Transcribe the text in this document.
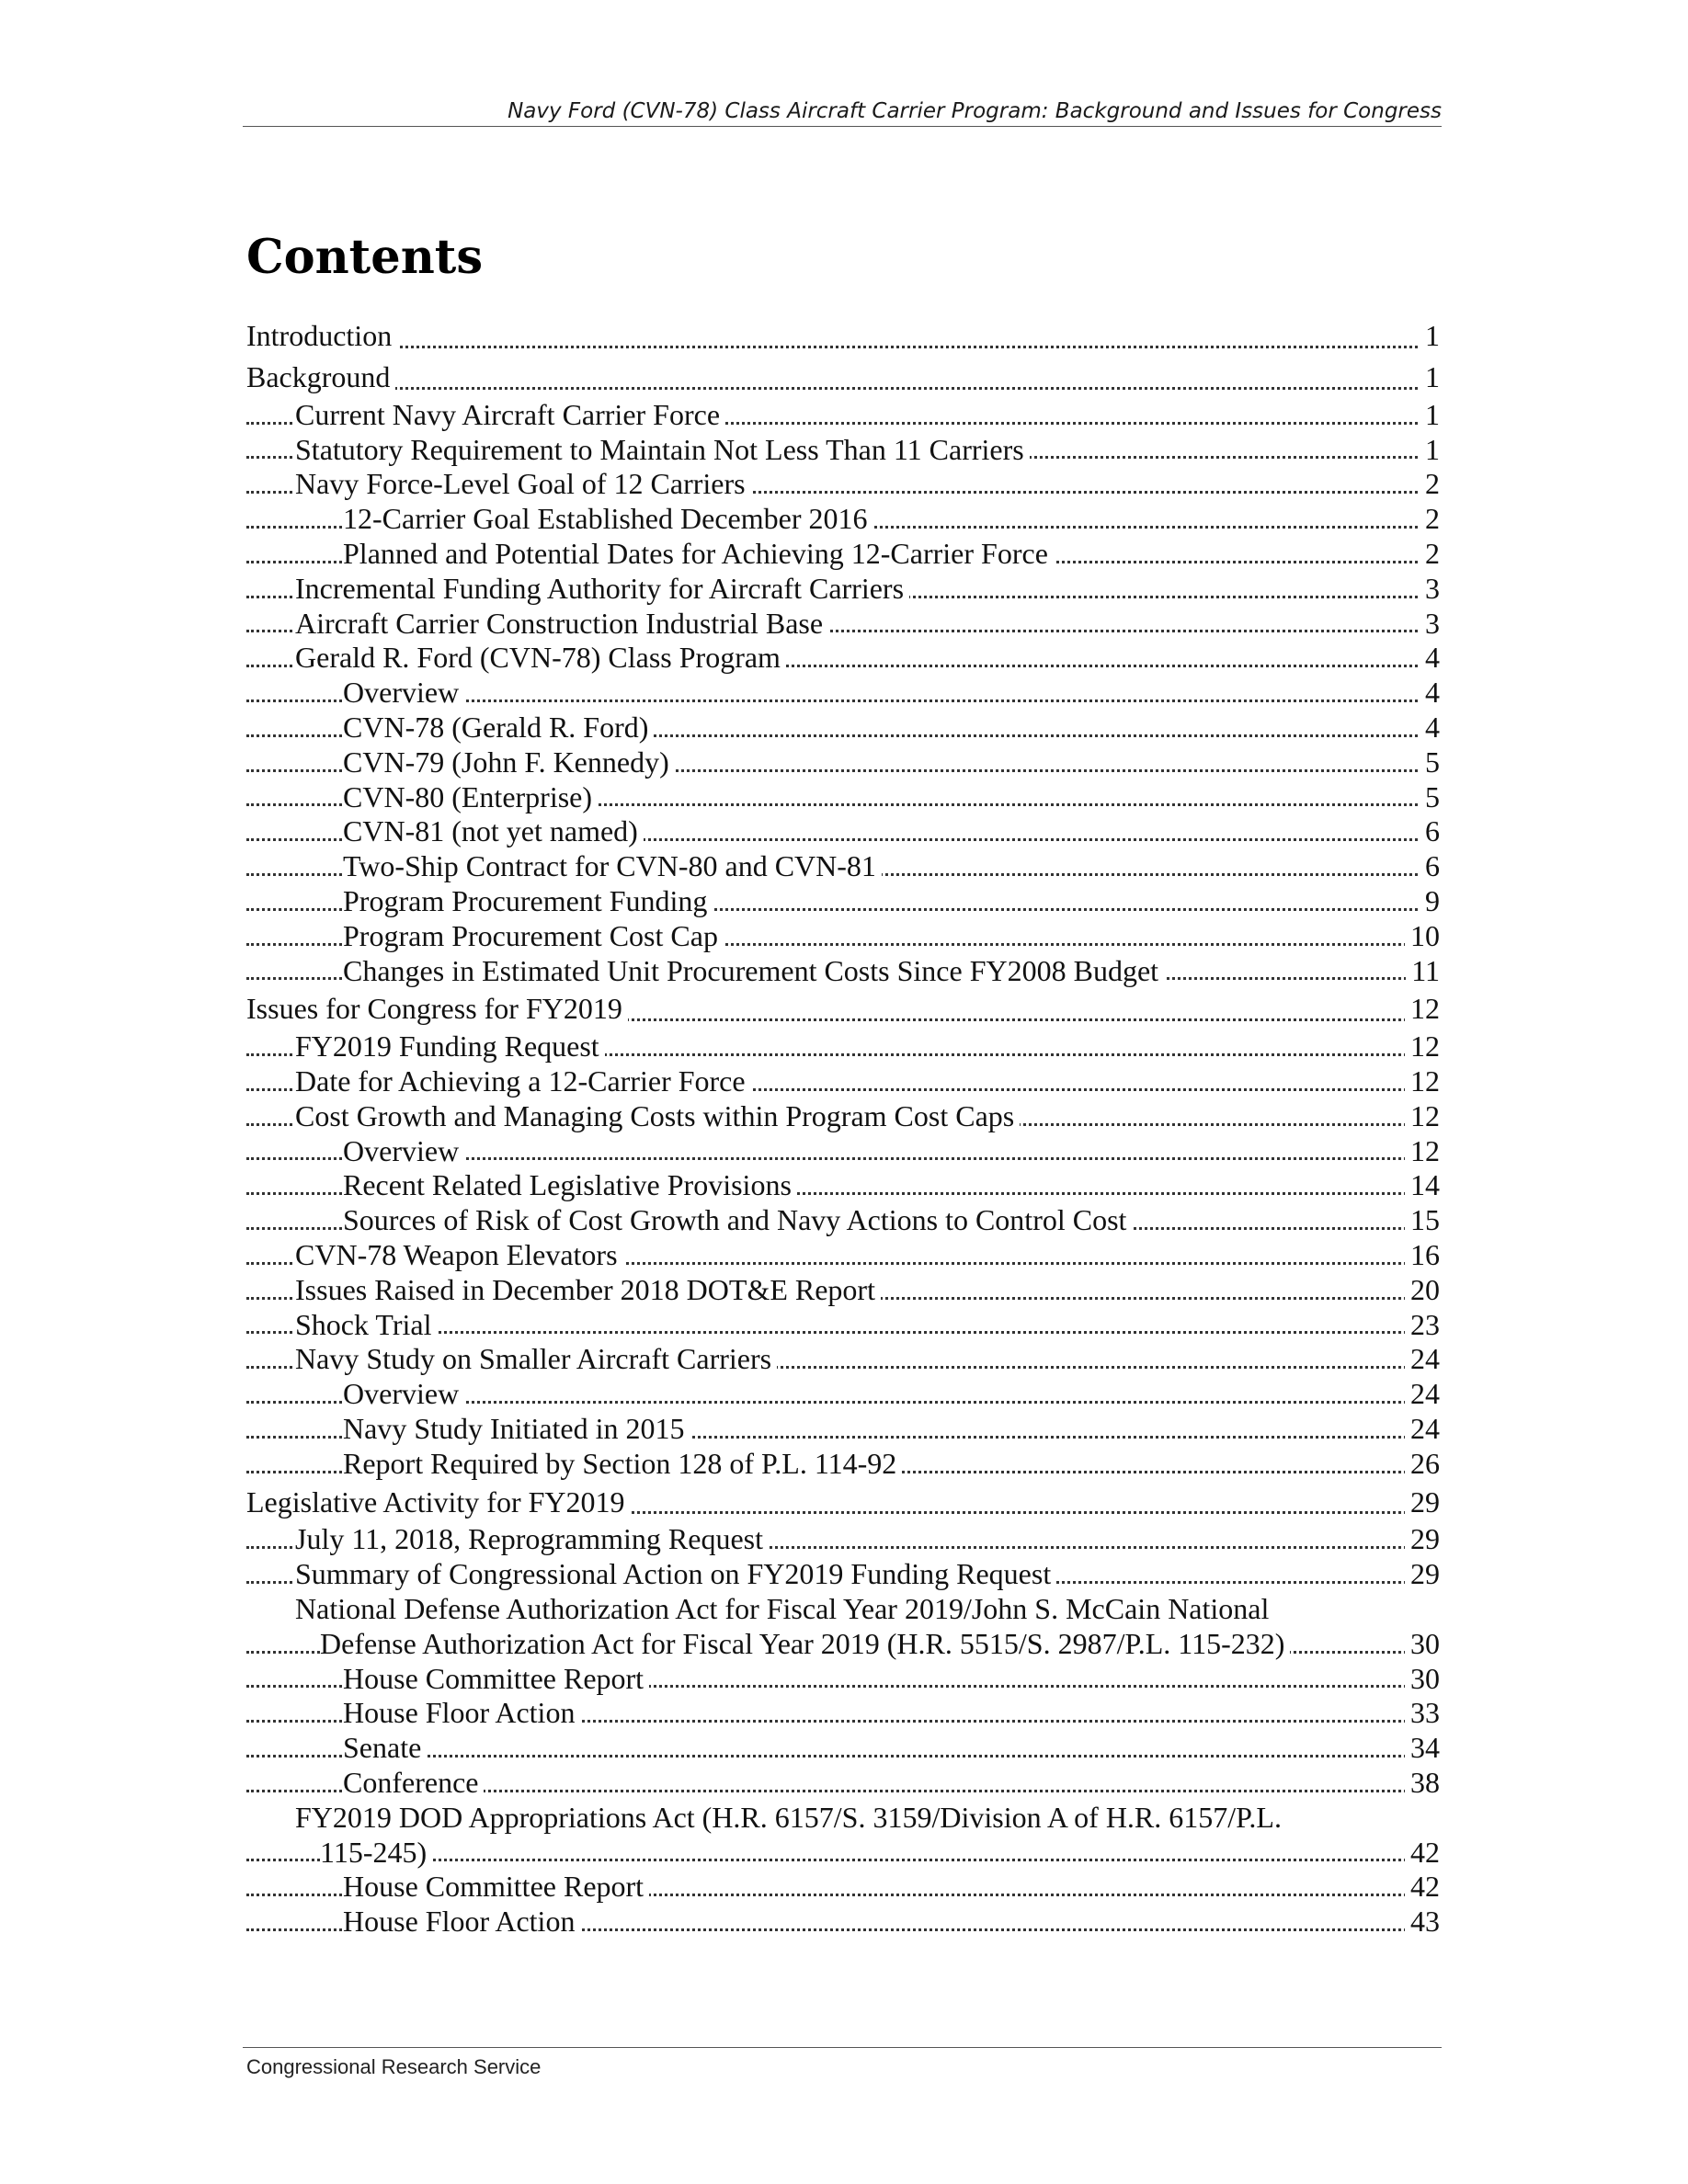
Navy Ford (CVN-78) Class Aircraft Carrier Program: Background and Issues for Congress
Contents
Introduction	1
Background	1
Current Navy Aircraft Carrier Force	1
Statutory Requirement to Maintain Not Less Than 11 Carriers	1
Navy Force-Level Goal of 12 Carriers	2
12-Carrier Goal Established December 2016	2
Planned and Potential Dates for Achieving 12-Carrier Force	2
Incremental Funding Authority for Aircraft Carriers	3
Aircraft Carrier Construction Industrial Base	3
Gerald R. Ford (CVN-78) Class Program	4
Overview	4
CVN-78 (Gerald R. Ford)	4
CVN-79 (John F. Kennedy)	5
CVN-80 (Enterprise)	5
CVN-81 (not yet named)	6
Two-Ship Contract for CVN-80 and CVN-81	6
Program Procurement Funding	9
Program Procurement Cost Cap	10
Changes in Estimated Unit Procurement Costs Since FY2008 Budget	11
Issues for Congress for FY2019	12
FY2019 Funding Request	12
Date for Achieving a 12-Carrier Force	12
Cost Growth and Managing Costs within Program Cost Caps	12
Overview	12
Recent Related Legislative Provisions	14
Sources of Risk of Cost Growth and Navy Actions to Control Cost	15
CVN-78 Weapon Elevators	16
Issues Raised in December 2018 DOT&E Report	20
Shock Trial	23
Navy Study on Smaller Aircraft Carriers	24
Overview	24
Navy Study Initiated in 2015	24
Report Required by Section 128 of P.L. 114-92	26
Legislative Activity for FY2019	29
July 11, 2018, Reprogramming Request	29
Summary of Congressional Action on FY2019 Funding Request	29
National Defense Authorization Act for Fiscal Year 2019/John S. McCain National
Defense Authorization Act for Fiscal Year 2019 (H.R. 5515/S. 2987/P.L. 115-232)	30
House Committee Report	30
House Floor Action	33
Senate	34
Conference	38
FY2019 DOD Appropriations Act (H.R. 6157/S. 3159/Division A of H.R. 6157/P.L.
115-245)	42
House Committee Report	42
House Floor Action	43
Congressional Research Service
